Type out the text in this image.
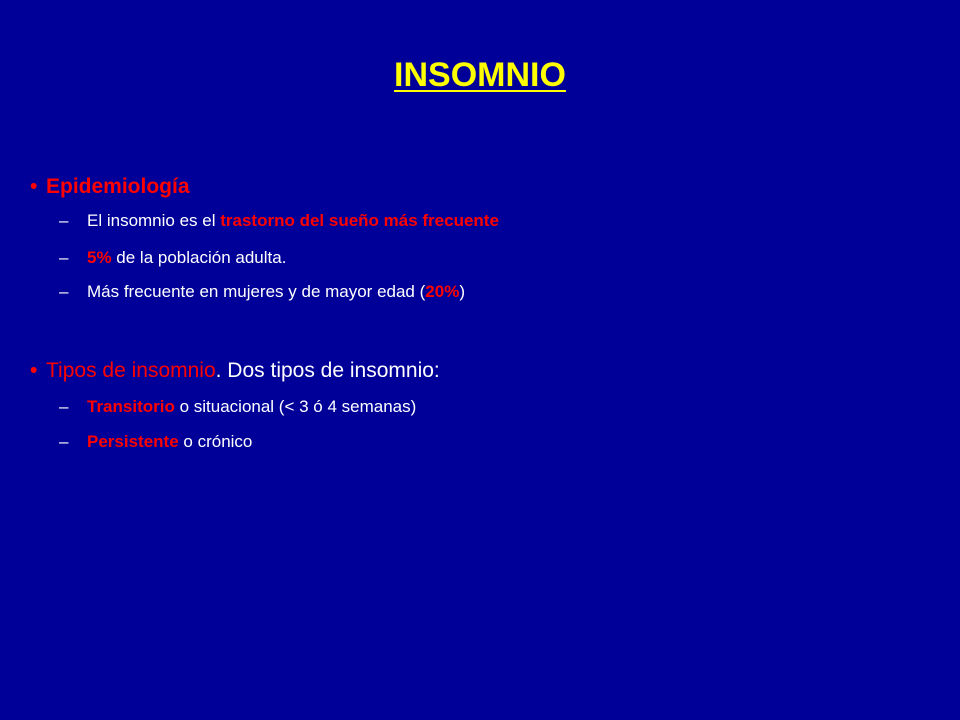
INSOMNIO
• Epidemiología
– El insomnio es el trastorno del sueño más frecuente
– 5% de la población adulta.
– Más frecuente en mujeres y de mayor edad (20%)
• Tipos de insomnio. Dos tipos de insomnio:
– Transitorio o situacional (< 3 ó 4 semanas)
– Persistente o crónico
